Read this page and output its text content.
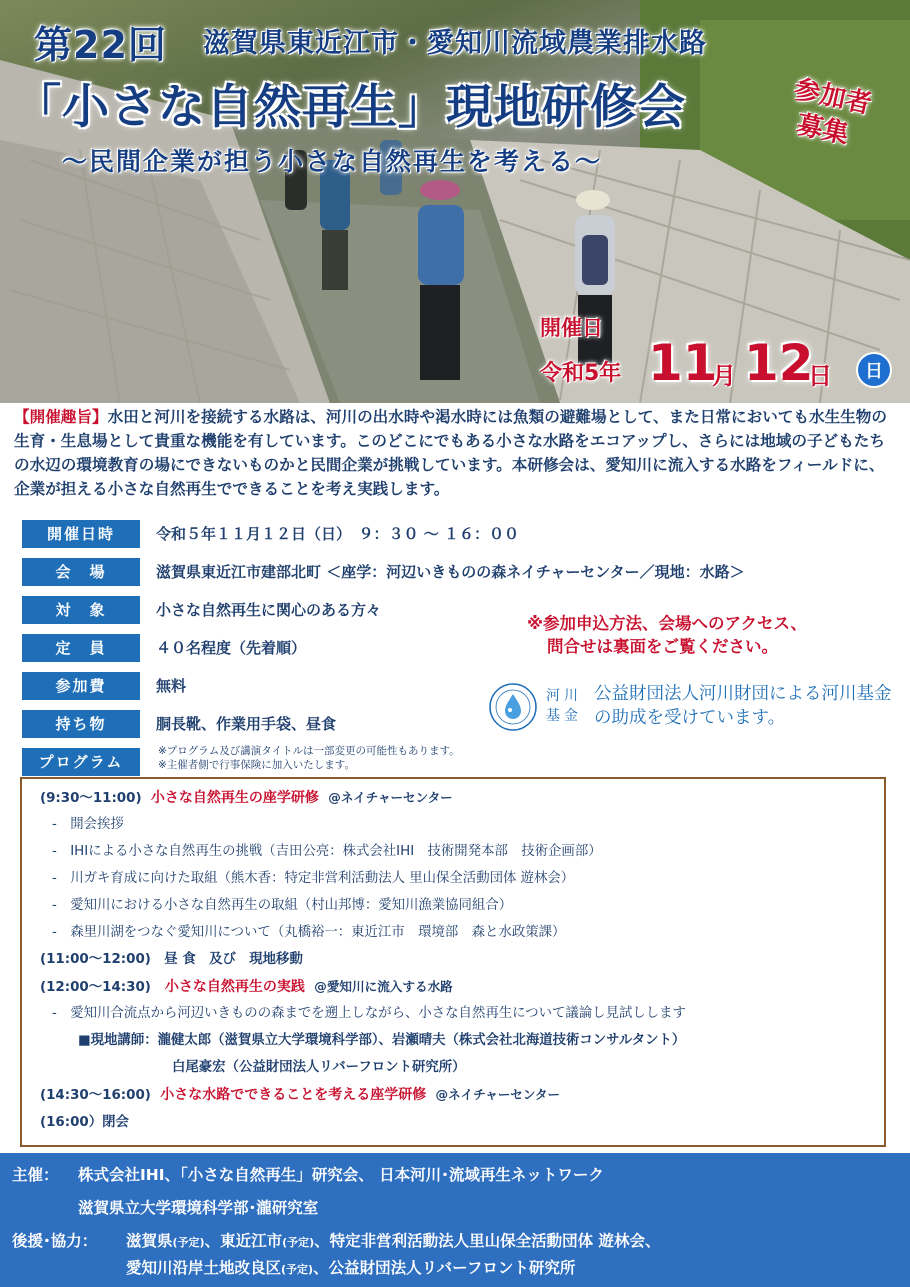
第22回 滋賀県東近江市・愛知川流域農業排水路
「小さな自然再生」現地研修会
～民間企業が担う小さな自然再生を考える～
参加者
募集
開催日
令和5年 11
月 12
日	日
【開催趣旨】水田と河川を接続する水路は、河川の出水時や渇水時には魚類の避難場として、また日常においても水生生物の生育・生息場として貴重な機能を有しています。このどこにでもある小さな水路をエコアップし、さらには地域の子どもたちの水辺の環境教育の場にできないものかと民間企業が挑戦しています。本研修会は、愛知川に流入する水路をフィールドに、企業が担える小さな自然再生でできることを考え実践します。
開催日時	令和５年１１月１２日（日）　９：３０ ～ １６：００
会　場	滋賀県東近江市建部北町 ＜座学：河辺いきものの森ネイチャーセンター／現地：水路＞
対　象	小さな自然再生に関心のある方々
定　員	４０名程度（先着順）
参加費	無料
持ち物	胴長靴、作業用手袋、昼食
プログラム
※プログラム及び講演タイトルは一部変更の可能性もあります。
※主催者側で行事保険に加入いたします。
※参加申込方法、会場へのアクセス、
問合せは裏面をご覧ください。
河川
基金
公益財団法人河川財団による河川基金の助成を受けています。
(9:30～11:00) 小さな自然再生の座学研修 @ネイチャーセンター
-　開会挨拶
-　IHIによる小さな自然再生の挑戦（吉田公亮：株式会社IHI　技術開発本部　技術企画部）
-　川ガキ育成に向けた取組（熊木香：特定非営利活動法人 里山保全活動団体 遊林会）
-　愛知川における小さな自然再生の取組（村山邦博：愛知川漁業協同組合）
-　森里川湖をつなぐ愛知川について（丸橋裕一：東近江市　環境部　森と水政策課）
(11:00～12:00)　昼 食　及び　現地移動
(12:00～14:30) 小さな自然再生の実践 @愛知川に流入する水路
-　愛知川合流点から河辺いきものの森までを遡上しながら、小さな自然再生について議論し見試しします
■現地講師：瀧健太郎（滋賀県立大学環境科学部）、岩瀬晴夫（株式会社北海道技術コンサルタント）
白尾豪宏（公益財団法人リバーフロント研究所）
(14:30～16:00) 小さな水路でできることを考える座学研修 @ネイチャーセンター
(16:00）閉会
主催： 株式会社IHI、「小さな自然再生」研究会、 日本河川･流域再生ネットワーク
滋賀県立大学環境科学部･瀧研究室
後援･協力： 滋賀県(予定)、東近江市(予定)、特定非営利活動法人里山保全活動団体 遊林会、
愛知川沿岸土地改良区(予定)、公益財団法人リバーフロント研究所
